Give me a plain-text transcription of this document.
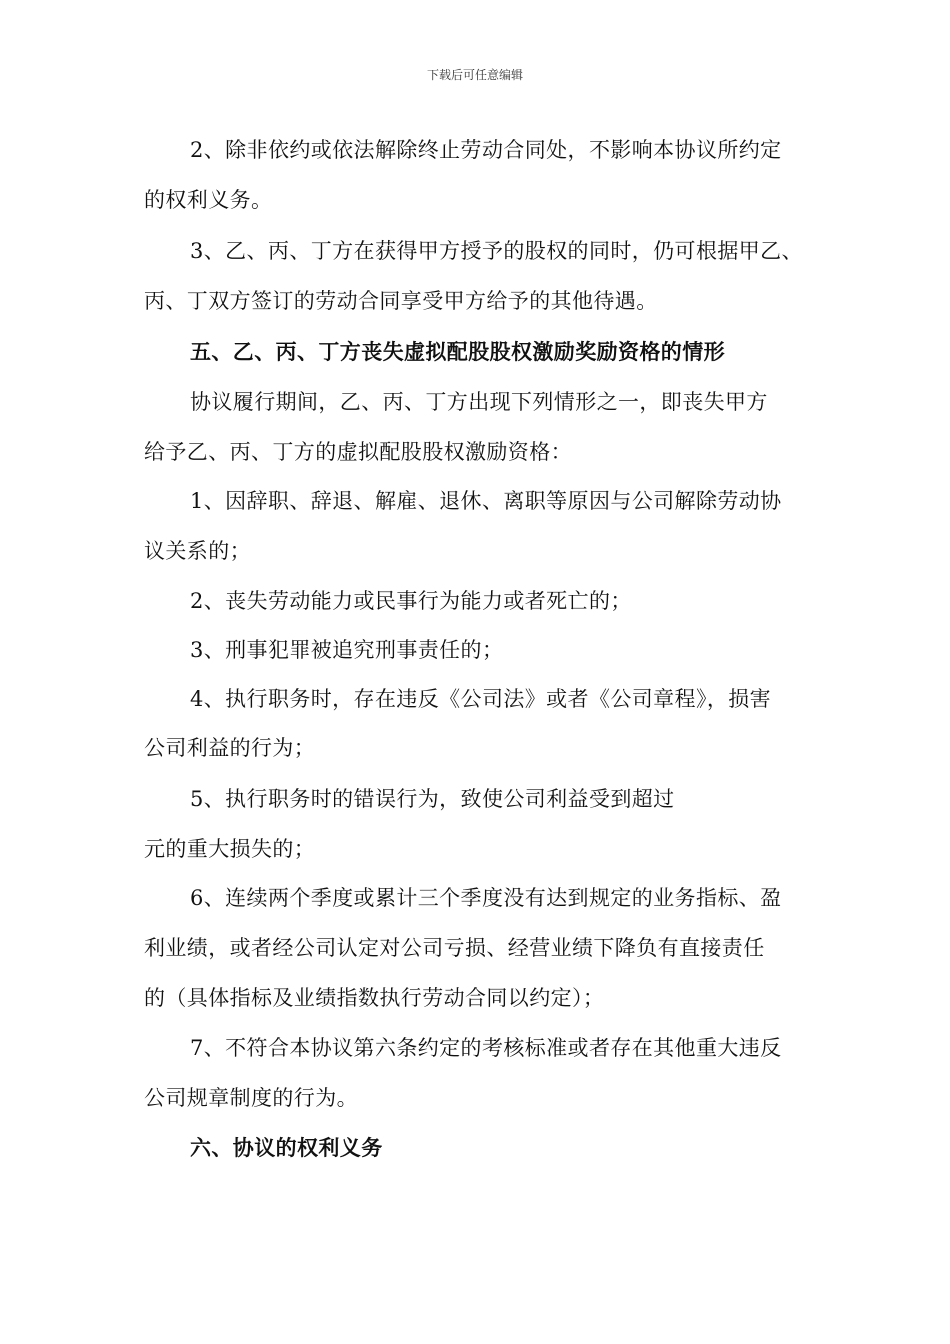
下载后可任意编辑
2、除非依约或依法解除终止劳动合同处，不影响本协议所约定
的权利义务。
3、乙、丙、丁方在获得甲方授予的股权的同时，仍可根据甲乙、
丙、丁双方签订的劳动合同享受甲方给予的其他待遇。
五、乙、丙、丁方丧失虚拟配股股权激励奖励资格的情形
协议履行期间，乙、丙、丁方出现下列情形之一，即丧失甲方
给予乙、丙、丁方的虚拟配股股权激励资格：
1、因辞职、辞退、解雇、退休、离职等原因与公司解除劳动协
议关系的；
2、丧失劳动能力或民事行为能力或者死亡的；
3、刑事犯罪被追究刑事责任的；
4、执行职务时，存在违反《公司法》或者《公司章程》，损害
公司利益的行为；
5、执行职务时的错误行为，致使公司利益受到超过
元的重大损失的；
6、连续两个季度或累计三个季度没有达到规定的业务指标、盈
利业绩，或者经公司认定对公司亏损、经营业绩下降负有直接责任
的（具体指标及业绩指数执行劳动合同以约定）；
7、不符合本协议第六条约定的考核标准或者存在其他重大违反
公司规章制度的行为。
六、协议的权利义务
